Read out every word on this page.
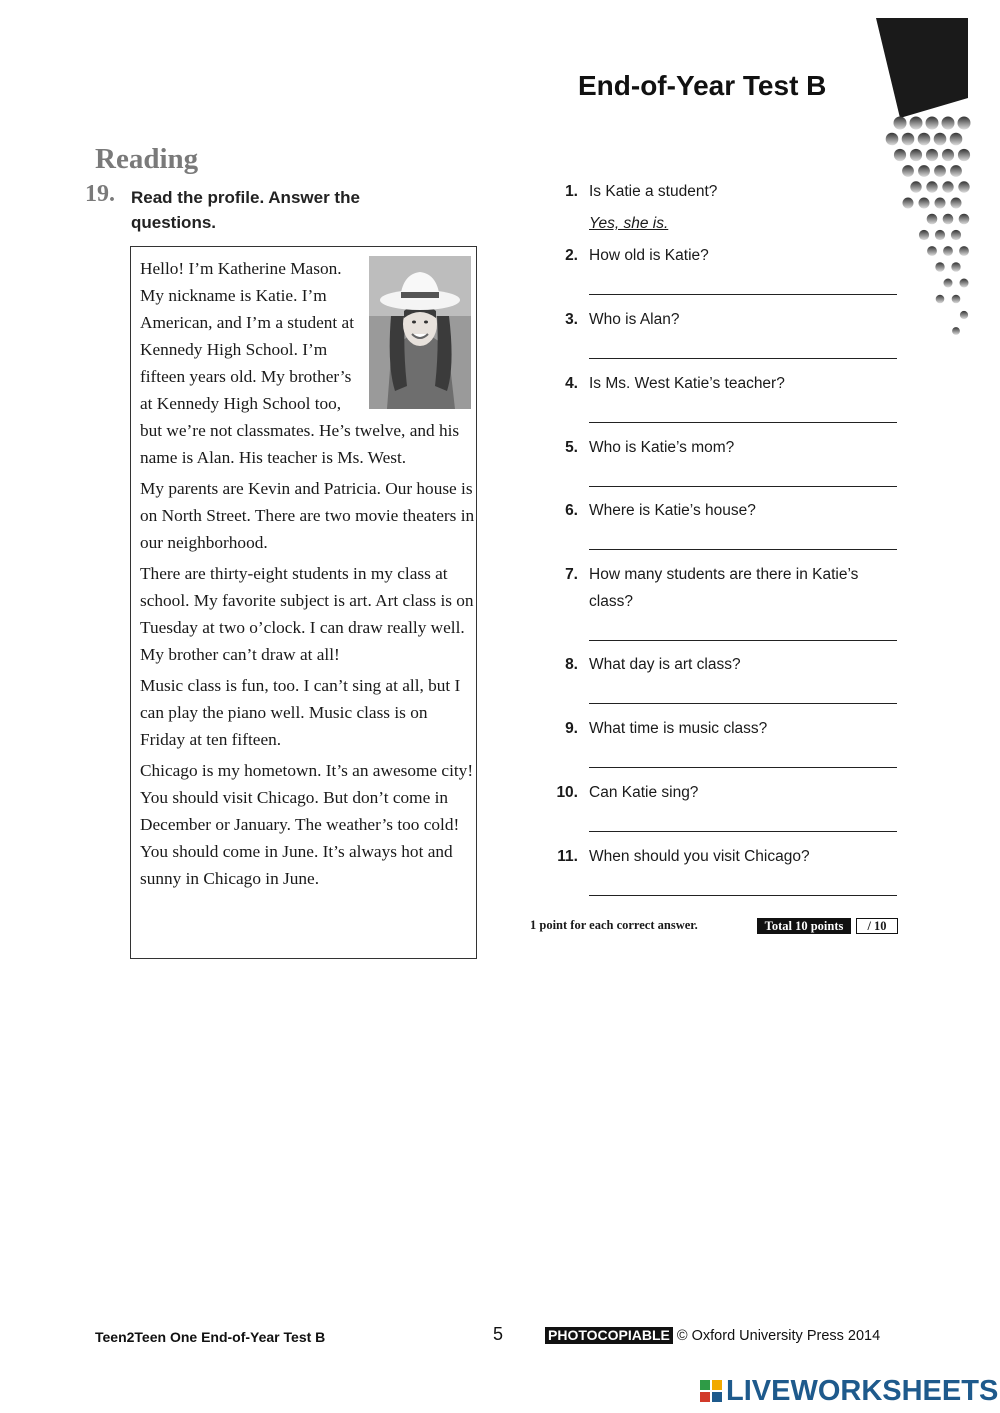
End-of-Year Test B
Reading
19. Read the profile. Answer the questions.

Hello! I’m Katherine Mason. My nickname is Katie. I’m American, and I’m a student at Kennedy High School. I’m fifteen years old. My brother’s at Kennedy High School too, but we’re not classmates. He’s twelve, and his name is Alan. His teacher is Ms. West.

My parents are Kevin and Patricia. Our house is on North Street. There are two movie theaters in our neighborhood.

There are thirty-eight students in my class at school. My favorite subject is art. Art class is on Tuesday at two o’clock. I can draw really well. My brother can’t draw at all!

Music class is fun, too. I can’t sing at all, but I can play the piano well. Music class is on Friday at ten fifteen.

Chicago is my hometown. It’s an awesome city! You should visit Chicago. But don’t come in December or January. The weather’s too cold! You should come in June. It’s always hot and sunny in Chicago in June.

1. Is Katie a student?
Yes, she is.
2. How old is Katie?
3. Who is Alan?
4. Is Ms. West Katie’s teacher?
5. Who is Katie’s mom?
6. Where is Katie’s house?
7. How many students are there in Katie’s class?
8. What day is art class?
9. What time is music class?
10. Can Katie sing?
11. When should you visit Chicago?
1 point for each correct answer.	Total 10 points	/ 10
Teen2Teen One End-of-Year Test B	5	PHOTOCOPIABLE © Oxford University Press 2014
LIVEWORKSHEETS
